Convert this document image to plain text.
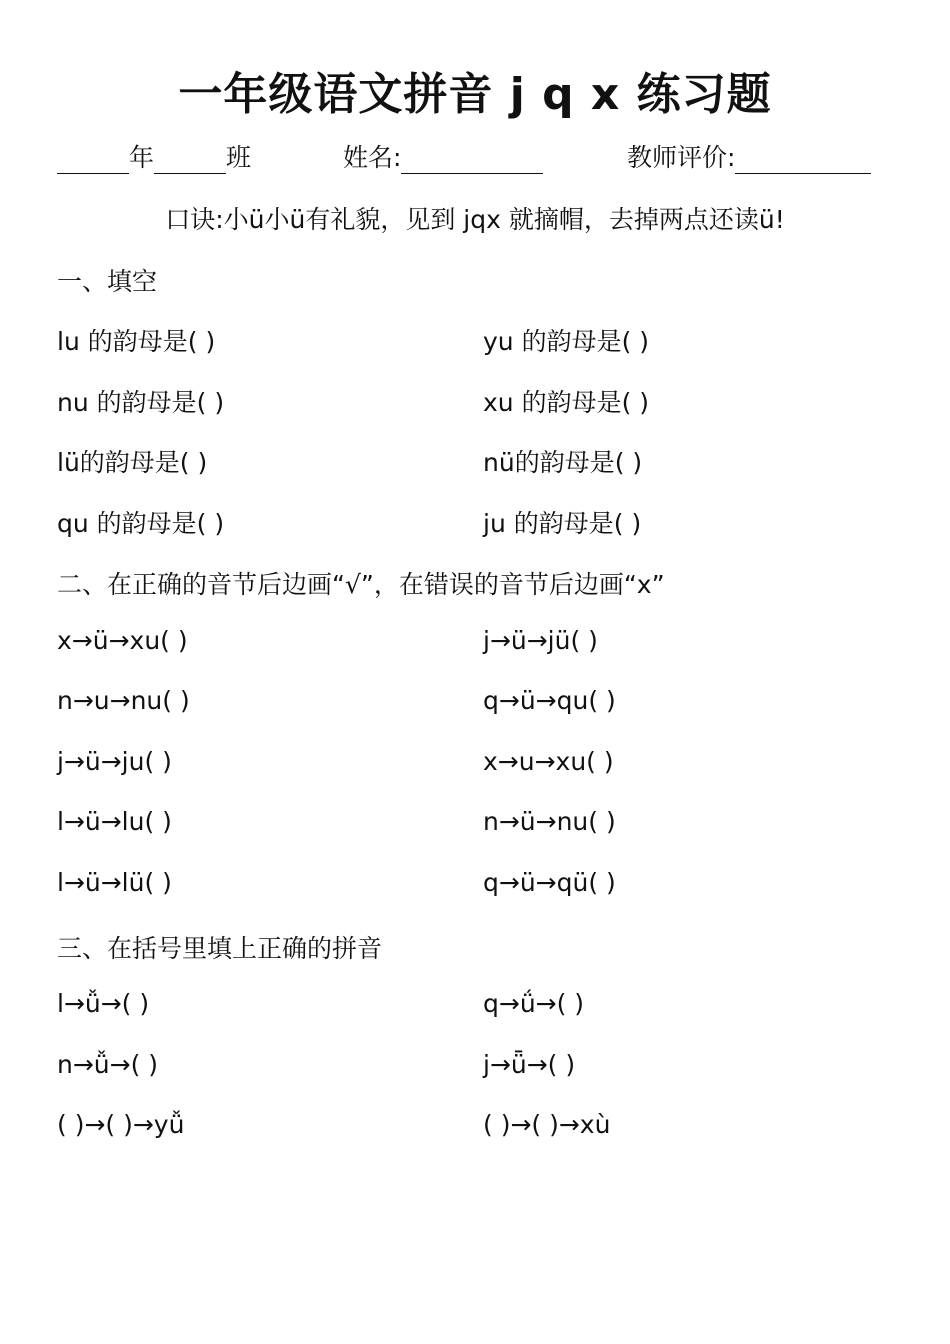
一年级语文拼音 j q x 练习题
年	班	姓名:	教师评价:
口诀:小ü小ü有礼貌，见到 jqx 就摘帽，去掉两点还读ü!
一、填空
lu 的韵母是( )	yu 的韵母是( )
nu 的韵母是( )	xu 的韵母是( )
lü的韵母是( )	nü的韵母是( )
qu 的韵母是( )	ju 的韵母是( )
二、在正确的音节后边画“√”，在错误的音节后边画“x”
x→ü→xu( )	j→ü→jü( )
n→u→nu( )	q→ü→qu( )
j→ü→ju( )	x→u→xu( )
l→ü→lu( )	n→ü→nu( )
l→ü→lü( )	q→ü→qü( )
三、在括号里填上正确的拼音
l→ǚ→( )	q→ǘ→( )
n→ǚ→( )	j→ǖ→( )
( )→( )→yǚ	( )→( )→xù
